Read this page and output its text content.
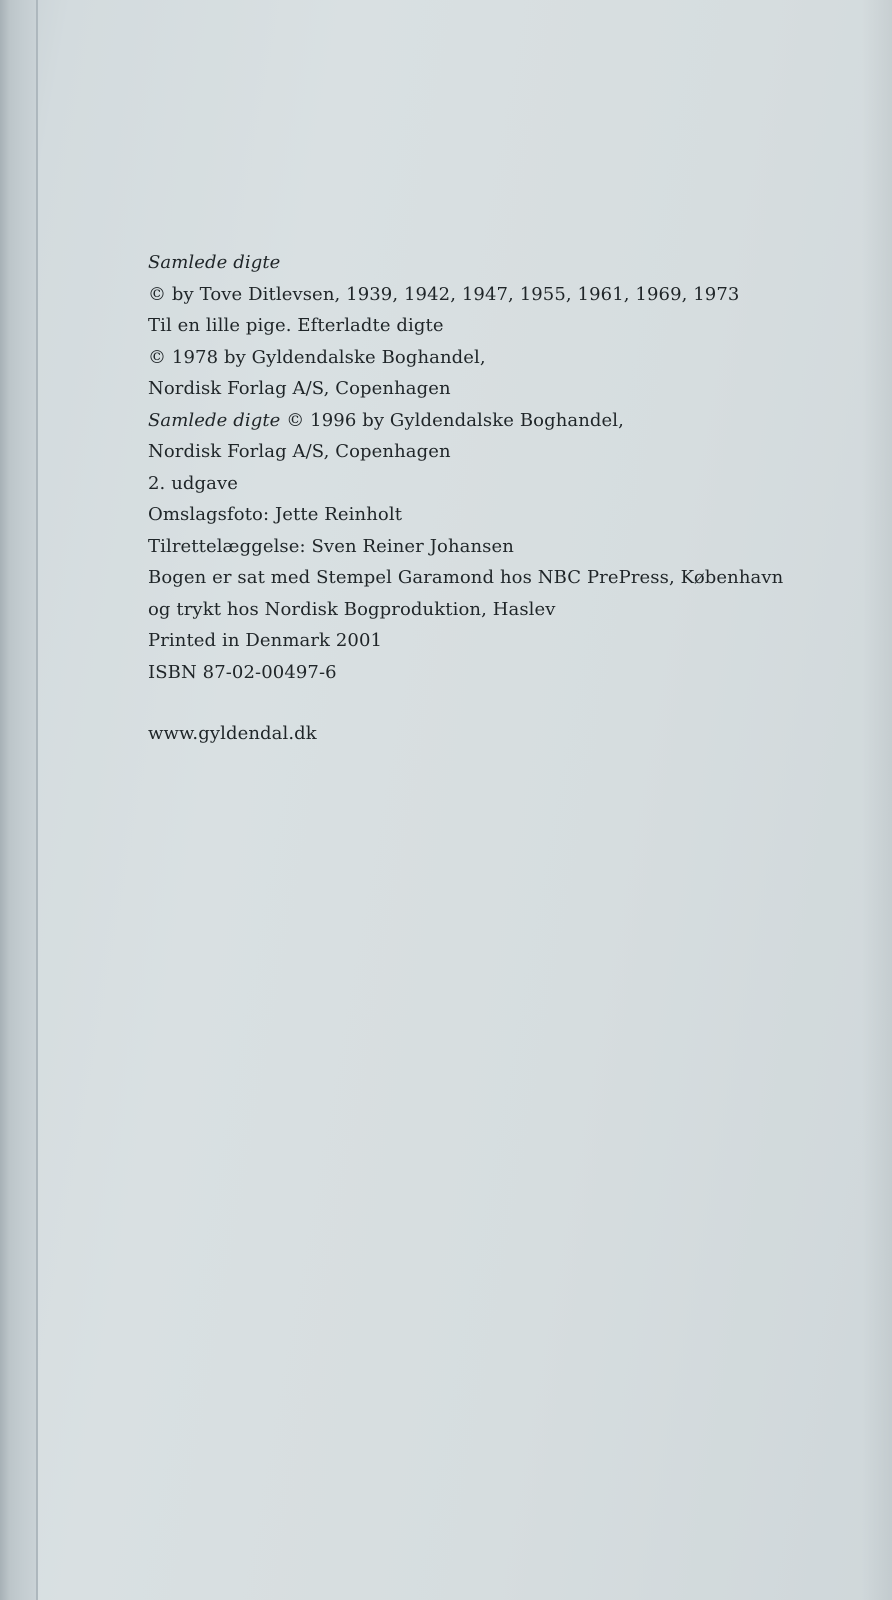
Samlede digte
© by Tove Ditlevsen, 1939, 1942, 1947, 1955, 1961, 1969, 1973
Til en lille pige. Efterladte digte
© 1978 by Gyldendalske Boghandel,
Nordisk Forlag A/S, Copenhagen
Samlede digte © 1996 by Gyldendalske Boghandel,
Nordisk Forlag A/S, Copenhagen
2. udgave
Omslagsfoto: Jette Reinholt
Tilrettelæggelse: Sven Reiner Johansen
Bogen er sat med Stempel Garamond hos NBC PrePress, København
og trykt hos Nordisk Bogproduktion, Haslev
Printed in Denmark 2001
ISBN 87-02-00497-6
www.gyldendal.dk
